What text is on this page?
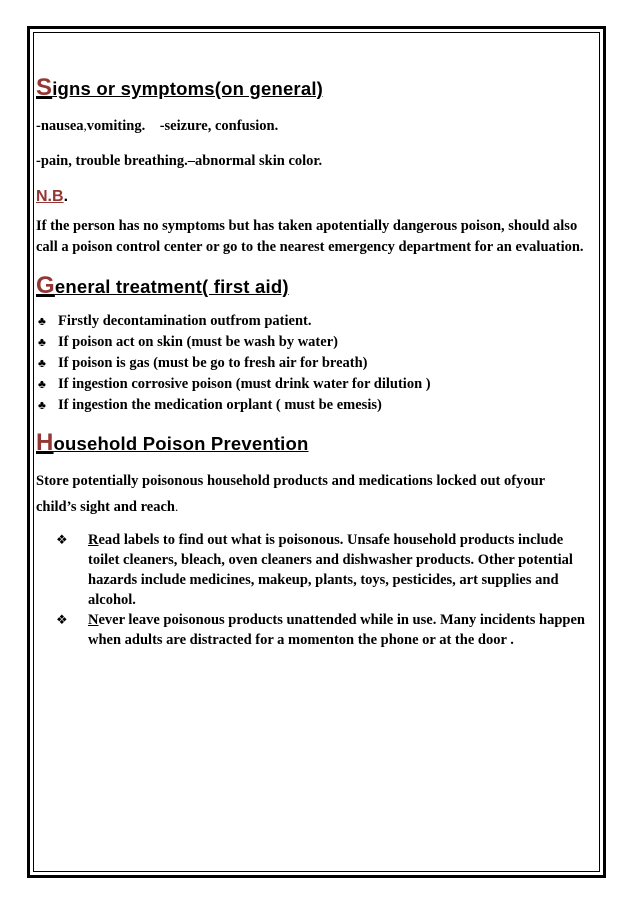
Signs or symptoms(on general)

-nausea,vomiting.    -seizure, confusion.

-pain, trouble breathing.–abnormal skin color.

N.B.

If the person has no symptoms but has taken apotentially dangerous poison, should also call a poison control center or go to the nearest emergency department for an evaluation.

General treatment( first aid)
♣ Firstly decontamination outfrom patient.
♣ If poison act on skin (must be wash by water)
♣ If poison is gas (must be go to fresh air for breath)
♣ If ingestion corrosive poison (must drink water for dilution )
♣ If ingestion the medication orplant ( must be emesis)
Household Poison Prevention

Store potentially poisonous household products and medications locked out ofyour child’s sight and reach.

❖ Read labels to find out what is poisonous. Unsafe household products include toilet cleaners, bleach, oven cleaners and dishwasher products. Other potential hazards include medicines, makeup, plants, toys, pesticides, art supplies and alcohol.
❖ Never leave poisonous products unattended while in use. Many incidents happen when adults are distracted for a momenton the phone or at the door .
